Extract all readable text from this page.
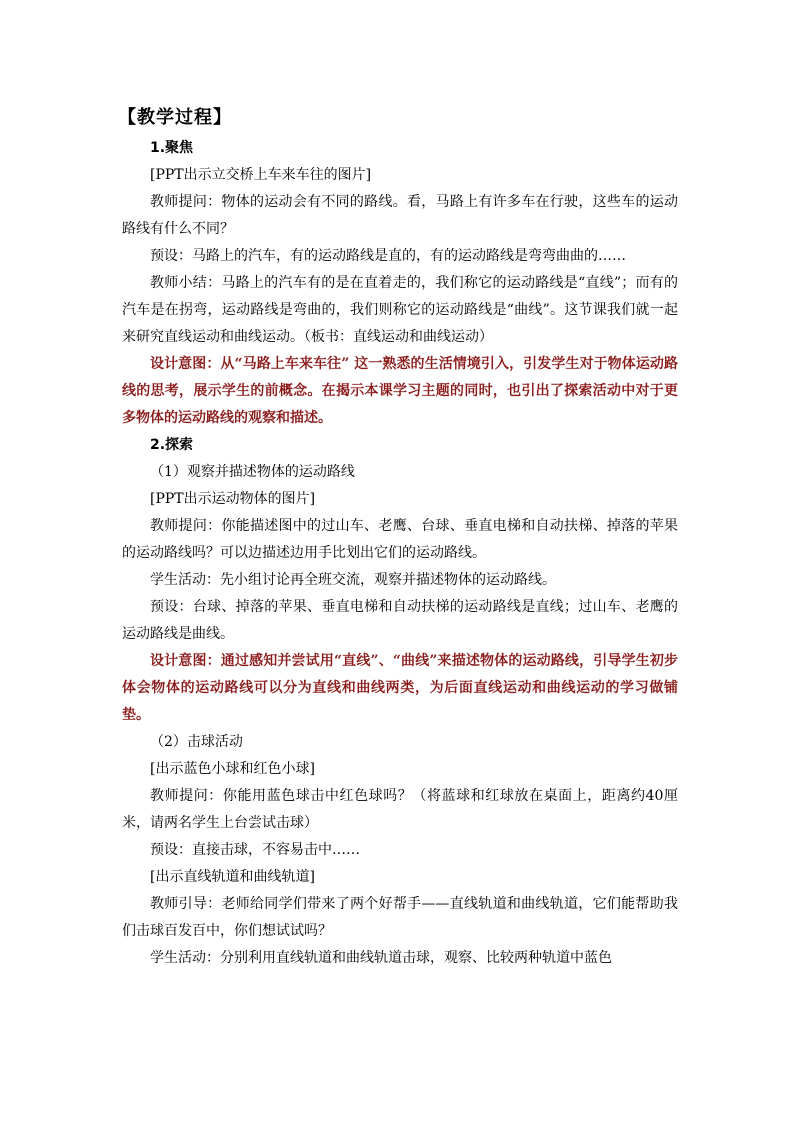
【教学过程】

1.聚焦

[PPT出示立交桥上车来车往的图片]

教师提问：物体的运动会有不同的路线。看，马路上有许多车在行驶，这些车的运动路线有什么不同？

预设：马路上的汽车，有的运动路线是直的，有的运动路线是弯弯曲曲的……

教师小结：马路上的汽车有的是在直着走的，我们称它的运动路线是“直线”；而有的汽车是在拐弯，运动路线是弯曲的，我们则称它的运动路线是“曲线”。这节课我们就一起来研究直线运动和曲线运动。（板书：直线运动和曲线运动）

设计意图：从“马路上车来车往” 这一熟悉的生活情境引入，引发学生对于物体运动路线的思考，展示学生的前概念。在揭示本课学习主题的同时，也引出了探索活动中对于更多物体的运动路线的观察和描述。

2.探索

（1）观察并描述物体的运动路线

[PPT出示运动物体的图片]

教师提问：你能描述图中的过山车、老鹰、台球、垂直电梯和自动扶梯、掉落的苹果的运动路线吗？可以边描述边用手比划出它们的运动路线。

学生活动：先小组讨论再全班交流，观察并描述物体的运动路线。

预设：台球、掉落的苹果、垂直电梯和自动扶梯的运动路线是直线；过山车、老鹰的运动路线是曲线。

设计意图：通过感知并尝试用“直线”、“曲线”来描述物体的运动路线，引导学生初步体会物体的运动路线可以分为直线和曲线两类，为后面直线运动和曲线运动的学习做铺垫。

（2）击球活动

[出示蓝色小球和红色小球]

教师提问：你能用蓝色球击中红色球吗？（将蓝球和红球放在桌面上，距离约40厘米，请两名学生上台尝试击球）

预设：直接击球，不容易击中……

[出示直线轨道和曲线轨道]

教师引导：老师给同学们带来了两个好帮手——直线轨道和曲线轨道，它们能帮助我们击球百发百中，你们想试试吗？

学生活动：分别利用直线轨道和曲线轨道击球，观察、比较两种轨道中蓝色
